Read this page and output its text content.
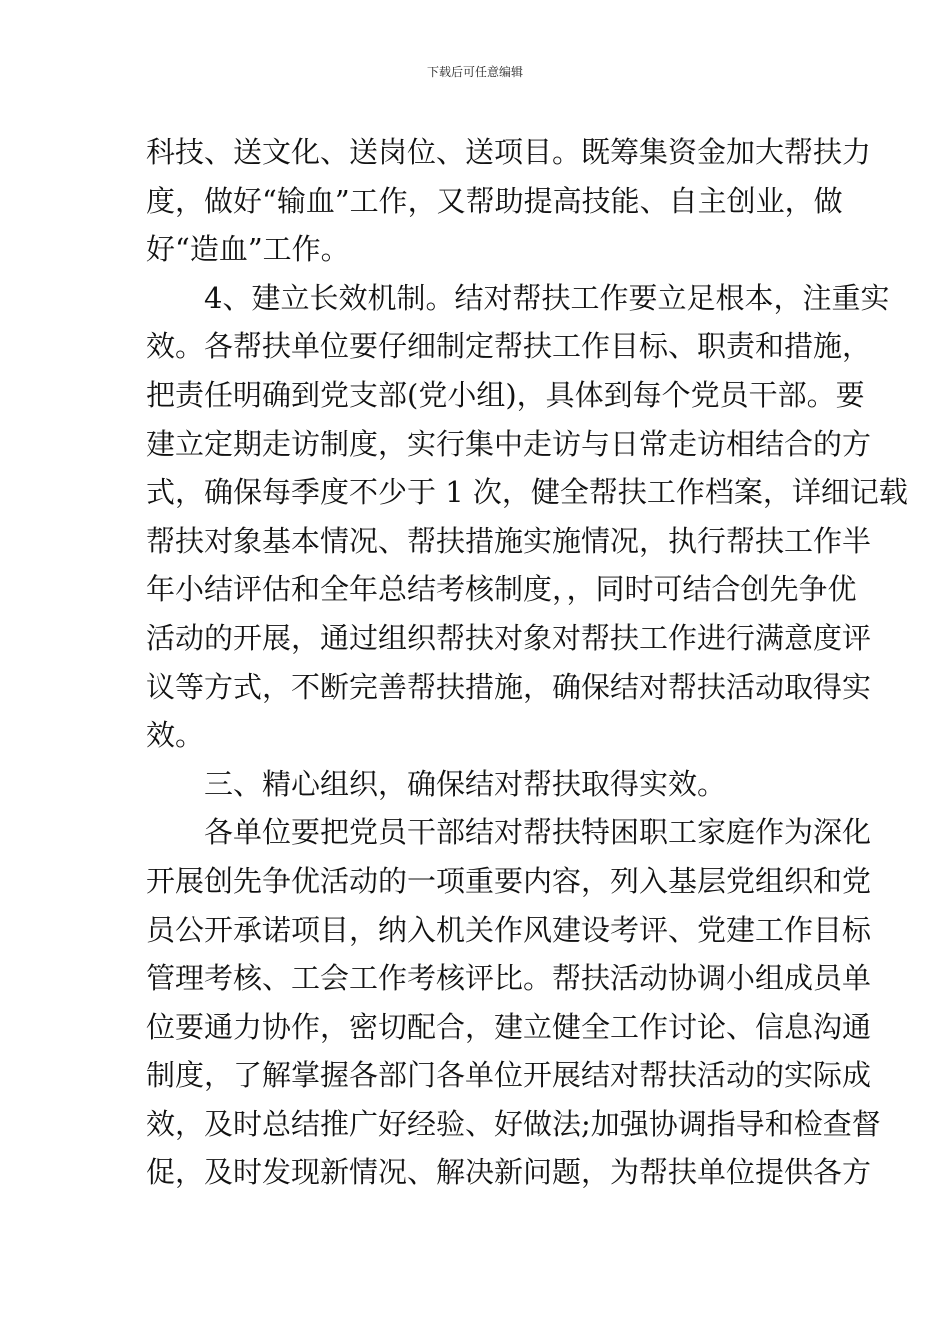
下载后可任意编辑
科技、送文化、送岗位、送项目。既筹集资金加大帮扶力
度，做好“输血”工作，又帮助提高技能、自主创业，做
好“造血”工作。
4、建立长效机制。结对帮扶工作要立足根本，注重实
效。各帮扶单位要仔细制定帮扶工作目标、职责和措施，
把责任明确到党支部(党小组)，具体到每个党员干部。要
建立定期走访制度，实行集中走访与日常走访相结合的方
式，确保每季度不少于 1 次，健全帮扶工作档案，详细记载
帮扶对象基本情况、帮扶措施实施情况，执行帮扶工作半
年小结评估和全年总结考核制度，，同时可结合创先争优
活动的开展，通过组织帮扶对象对帮扶工作进行满意度评
议等方式，不断完善帮扶措施，确保结对帮扶活动取得实
效。
三、精心组织，确保结对帮扶取得实效。
各单位要把党员干部结对帮扶特困职工家庭作为深化
开展创先争优活动的一项重要内容，列入基层党组织和党
员公开承诺项目，纳入机关作风建设考评、党建工作目标
管理考核、工会工作考核评比。帮扶活动协调小组成员单
位要通力协作，密切配合，建立健全工作讨论、信息沟通
制度，了解掌握各部门各单位开展结对帮扶活动的实际成
效，及时总结推广好经验、好做法;加强协调指导和检查督
促，及时发现新情况、解决新问题，为帮扶单位提供各方
